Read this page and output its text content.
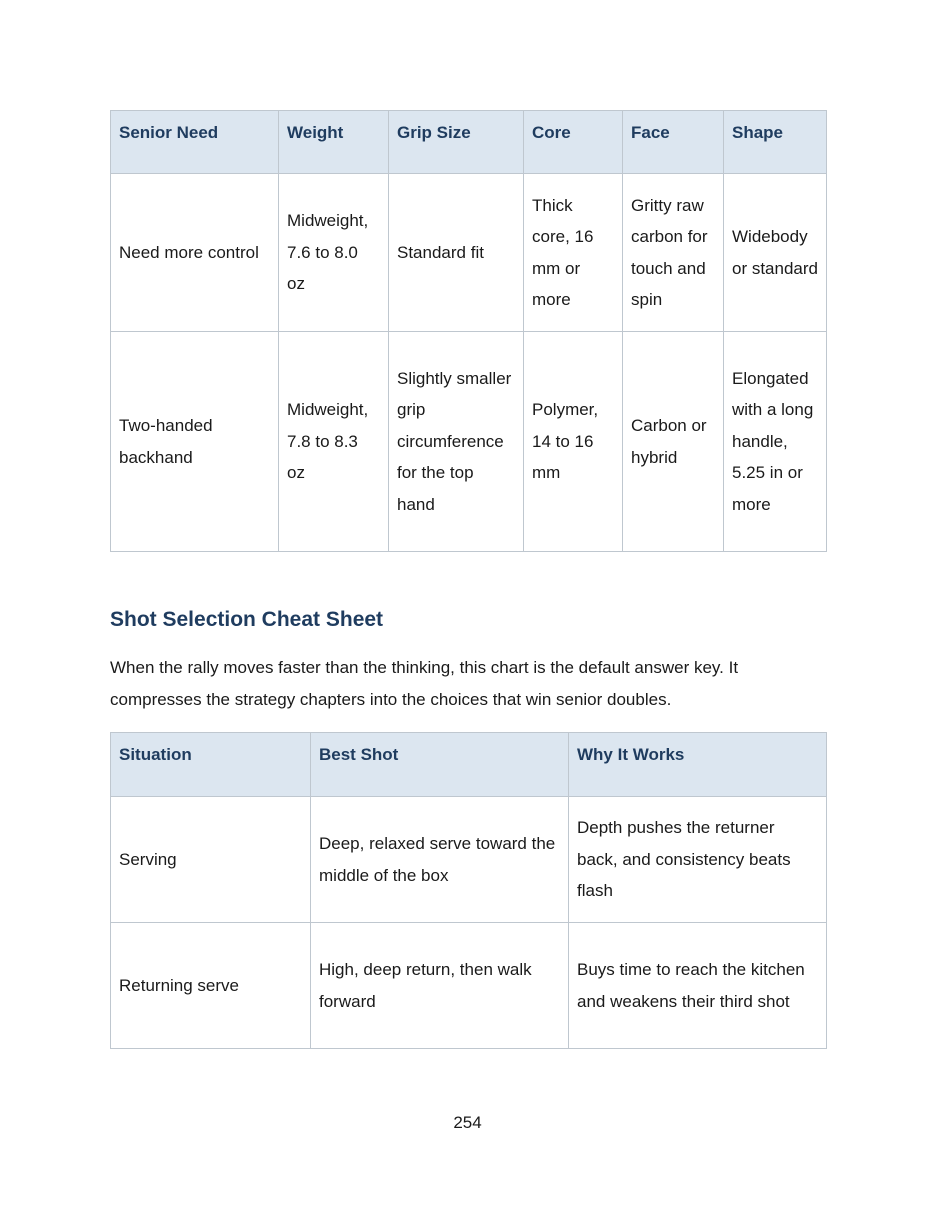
Senior Need	Weight	Grip Size	Core	Face	Shape
Need more control	Midweight, 7.6 to 8.0 oz	Standard fit	Thick core, 16 mm or more	Gritty raw carbon for touch and spin	Widebody or standard
Two-handed backhand	Midweight, 7.8 to 8.3 oz	Slightly smaller grip circumference for the top hand	Polymer, 14 to 16 mm	Carbon or hybrid	Elongated with a long handle, 5.25 in or more
Shot Selection Cheat Sheet

When the rally moves faster than the thinking, this chart is the default answer key. It compresses the strategy chapters into the choices that win senior doubles.

Situation	Best Shot	Why It Works
Serving	Deep, relaxed serve toward the middle of the box	Depth pushes the returner back, and consistency beats flash
Returning serve	High, deep return, then walk forward	Buys time to reach the kitchen and weakens their third shot
254
